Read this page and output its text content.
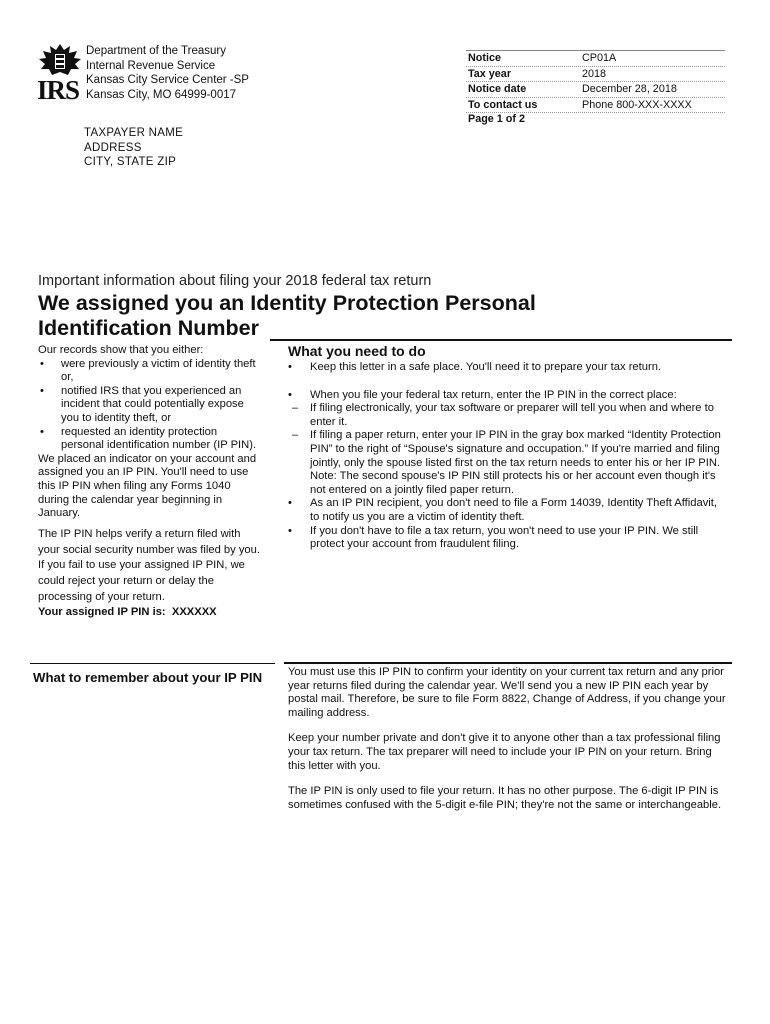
IRS
Department of the Treasury
Internal Revenue Service
Kansas City Service Center -SP
Kansas City, MO 64999-0017
Notice	CP01A
Tax year	2018
Notice date	December 28, 2018
To contact us	Phone 800-XXX-XXXX
Page 1 of 2
TAXPAYER NAME
ADDRESS
CITY, STATE ZIP
Important information about filing your 2018 federal tax return
We assigned you an Identity Protection Personal
Identification Number

Our records show that you either:

• were previously a victim of identity theft or,
• notified IRS that you experienced an incident that could potentially expose you to identity theft, or
• requested an identity protection personal identification number (IP PIN).

We placed an indicator on your account and assigned you an IP PIN. You'll need to use this IP PIN when filing any Forms 1040 during the calendar year beginning in January.

The IP PIN helps verify a return filed with your social security number was filed by you. If you fail to use your assigned IP PIN, we could reject your return or delay the processing of your return.

Your assigned IP PIN is: XXXXXX

What you need to do
• Keep this letter in a safe place. You'll need it to prepare your tax return.
• When you file your federal tax return, enter the IP PIN in the correct place:
– If filing electronically, your tax software or preparer will tell you when and where to enter it.
– If filing a paper return, enter your IP PIN in the gray box marked “Identity Protection PIN” to the right of “Spouse's signature and occupation.” If you're married and filing jointly, only the spouse listed first on the tax return needs to enter his or her IP PIN.
Note: The second spouse's IP PIN still protects his or her account even though it's not entered on a jointly filed paper return.
• As an IP PIN recipient, you don't need to file a Form 14039, Identity Theft Affidavit, to notify us you are a victim of identity theft.
• If you don't have to file a tax return, you won't need to use your IP PIN. We still protect your account from fraudulent filing.
What to remember about your IP PIN You must use this IP PIN to confirm your identity on your current tax return and any prior year returns filed during the calendar year. We'll send you a new IP PIN each year by postal mail. Therefore, be sure to file Form 8822, Change of Address, if you change your mailing address.

Keep your number private and don't give it to anyone other than a tax professional filing your tax return. The tax preparer will need to include your IP PIN on your return. Bring this letter with you.

The IP PIN is only used to file your return. It has no other purpose. The 6-digit IP PIN is sometimes confused with the 5-digit e-file PIN; they're not the same or interchangeable.
